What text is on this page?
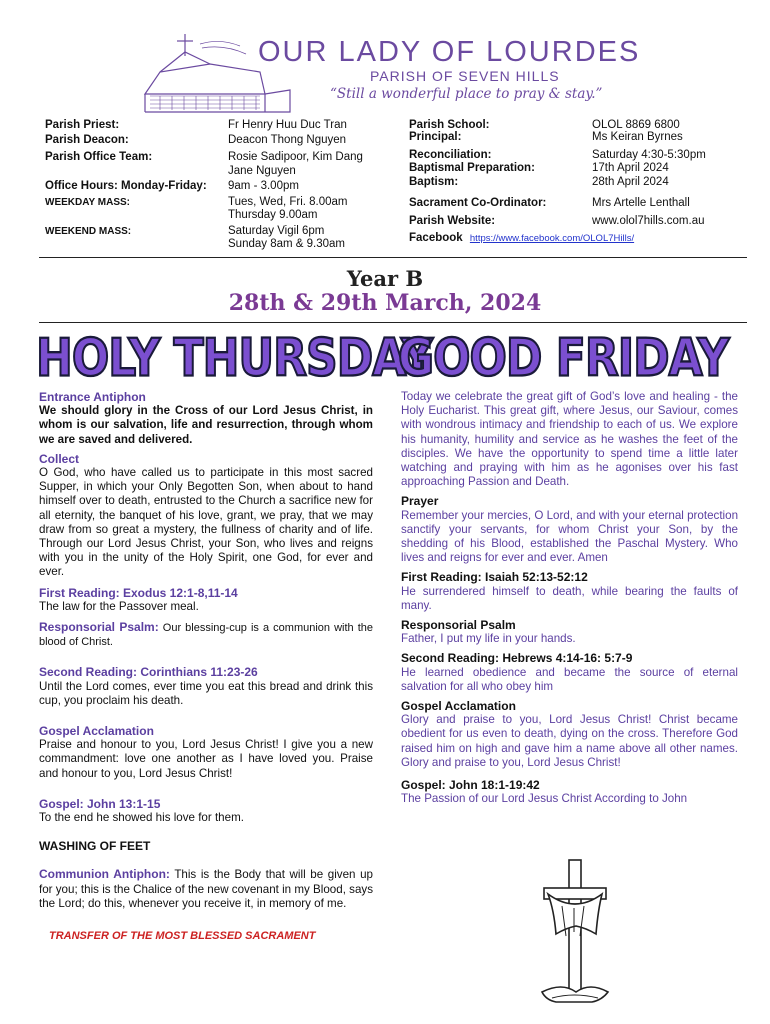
OUR LADY OF LOURDES
PARISH OF SEVEN HILLS
“Still a wonderful place to pray & stay.”
Parish Priest:	Fr Henry Huu Duc Tran
Parish Deacon:	Deacon Thong Nguyen
Parish Office Team:	Rosie Sadipoor, Kim Dang
Jane Nguyen
Office Hours: Monday-Friday: 9am - 3.00pm
WEEKDAY MASS:	Tues, Wed, Fri. 8.00am
Thursday 9.00am
WEEKEND MASS:	Saturday Vigil 6pm
Sunday 8am & 9.30am
Parish School:	OLOL 8869 6800
Principal:	Ms Keiran Byrnes
Reconciliation:	Saturday 4:30-5:30pm
Baptismal Preparation:	17th April 2024
Baptism:	28th April 2024
Sacrament Co-Ordinator:	Mrs Artelle Lenthall
Parish Website:	www.olol7hills.com.au
Facebook https://www.facebook.com/OLOL7Hills/
Year B
28th & 29th March, 2024
HOLY THURSDAY
GOOD FRIDAY

Entrance Antiphon

We should glory in the Cross of our Lord Jesus Christ, in whom is our salvation, life and resurrection, through whom we are saved and delivered.

Collect

O God, who have called us to participate in this most sacred Supper, in which your Only Begotten Son, when about to hand himself over to death, entrusted to the Church a sacrifice new for all eternity, the banquet of his love, grant, we pray, that we may draw from so great a mystery, the fullness of charity and of life. Through our Lord Jesus Christ, your Son, who lives and reigns with you in the unity of the Holy Spirit, one God, for ever and ever.

First Reading: Exodus 12:1-8,11-14

The law for the Passover meal.

Responsorial Psalm: Our blessing-cup is a communion with the blood of Christ.

Second Reading: Corinthians 11:23-26

Until the Lord comes, ever time you eat this bread and drink this cup, you proclaim his death.

Gospel Acclamation

Praise and honour to you, Lord Jesus Christ! I give you a new commandment: love one another as I have loved you. Praise and honour to you, Lord Jesus Christ!

Gospel: John 13:1-15

To the end he showed his love for them.

WASHING OF FEET

Communion Antiphon: This is the Body that will be given up for you; this is the Chalice of the new covenant in my Blood, says the Lord; do this, whenever you receive it, in memory of me.

TRANSFER OF THE MOST BLESSED SACRAMENT

Today we celebrate the great gift of God’s love and healing - the Holy Eucharist. This great gift, where Jesus, our Saviour, comes with wondrous intimacy and friendship to each of us. We explore his humanity, humility and service as he washes the feet of the disciples. We have the opportunity to spend time a little later watching and praying with him as he agonises over his fast approaching Passion and Death.

Prayer

Remember your mercies, O Lord, and with your eternal protection sanctify your servants, for whom Christ your Son, by the shedding of his Blood, established the Paschal Mystery. Who lives and reigns for ever and ever. Amen

First Reading: Isaiah 52:13-52:12

He surrendered himself to death, while bearing the faults of many.

Responsorial Psalm

Father, I put my life in your hands.

Second Reading: Hebrews 4:14-16: 5:7-9

He learned obedience and became the source of eternal salvation for all who obey him

Gospel Acclamation

Glory and praise to you, Lord Jesus Christ! Christ became obedient for us even to death, dying on the cross. Therefore God raised him on high and gave him a name above all other names. Glory and praise to you, Lord Jesus Christ!

Gospel: John 18:1-19:42

The Passion of our Lord Jesus Christ According to John
